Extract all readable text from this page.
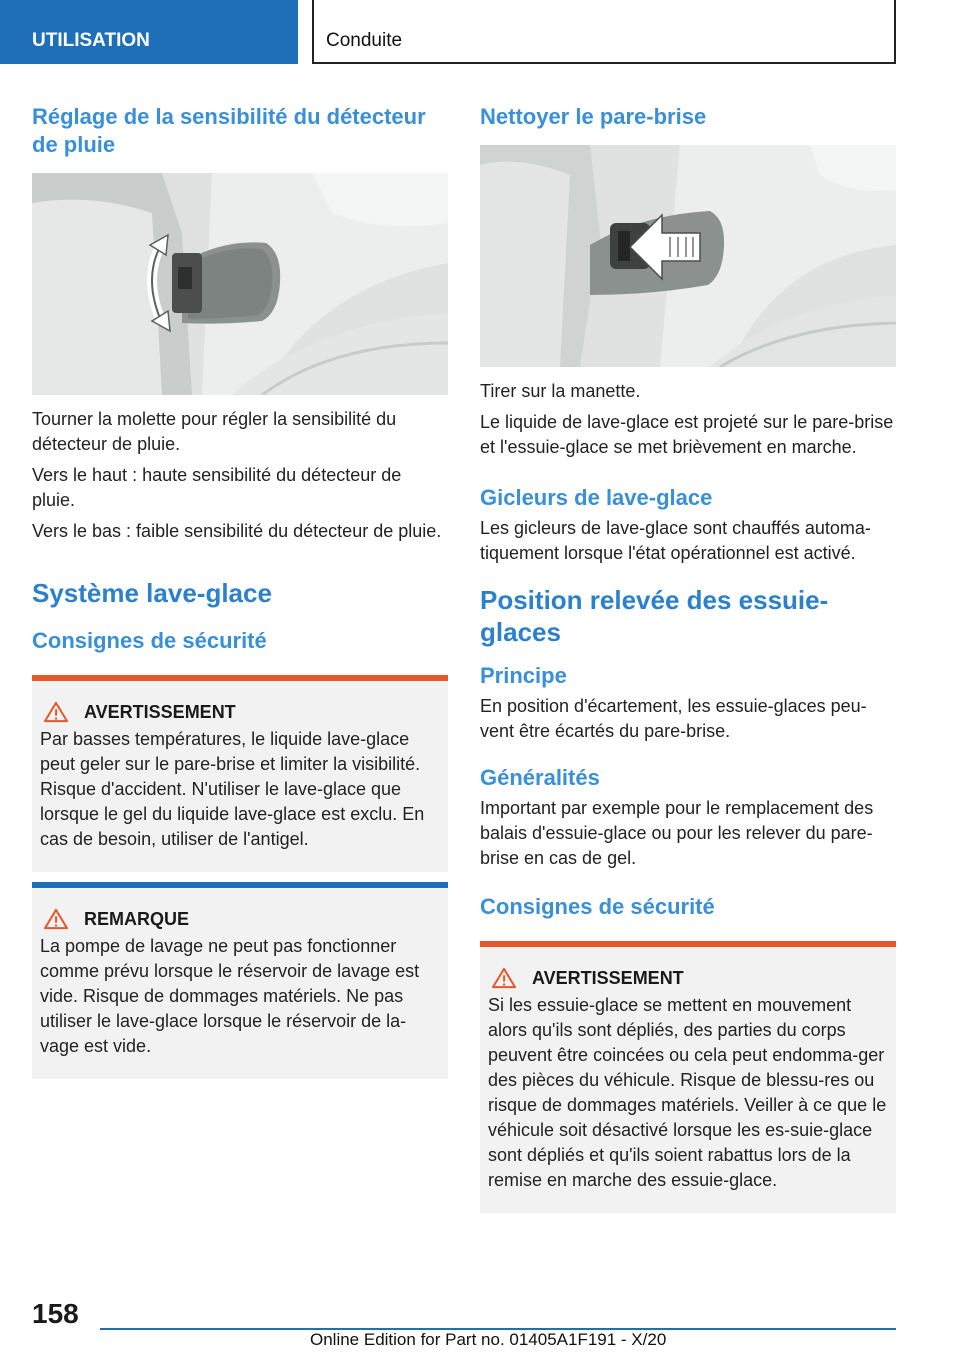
UTILISATION	Conduite
Réglage de la sensibilité du détecteur de pluie
Tourner la molette pour régler la sensibilité du détecteur de pluie.
Vers le haut : haute sensibilité du détecteur de pluie.
Vers le bas : faible sensibilité du détecteur de pluie.
Système lave-glace
Consignes de sécurité
AVERTISSEMENT
Par basses températures, le liquide lave-glace peut geler sur le pare-brise et limiter la visibilité. Risque d'accident. N'utiliser le lave-glace que lorsque le gel du liquide lave-glace est exclu. En cas de besoin, utiliser de l'antigel.
REMARQUE
La pompe de lavage ne peut pas fonctionner comme prévu lorsque le réservoir de lavage est vide. Risque de dommages matériels. Ne pas utiliser le lave-glace lorsque le réservoir de la-vage est vide.
Nettoyer le pare-brise
Tirer sur la manette.
Le liquide de lave-glace est projeté sur le pare-brise et l'essuie-glace se met brièvement en marche.
Gicleurs de lave-glace
Les gicleurs de lave-glace sont chauffés automa-tiquement lorsque l'état opérationnel est activé.
Position relevée des essuie-glaces
Principe
En position d'écartement, les essuie-glaces peu-vent être écartés du pare-brise.
Généralités
Important par exemple pour le remplacement des balais d'essuie-glace ou pour les relever du pare-brise en cas de gel.
Consignes de sécurité
AVERTISSEMENT
Si les essuie-glace se mettent en mouvement alors qu'ils sont dépliés, des parties du corps peuvent être coincées ou cela peut endomma-ger des pièces du véhicule. Risque de blessu-res ou risque de dommages matériels. Veiller à ce que le véhicule soit désactivé lorsque les es-suie-glace sont dépliés et qu'ils soient rabattus lors de la remise en marche des essuie-glace.
158
Online Edition for Part no. 01405A1F191 - X/20
